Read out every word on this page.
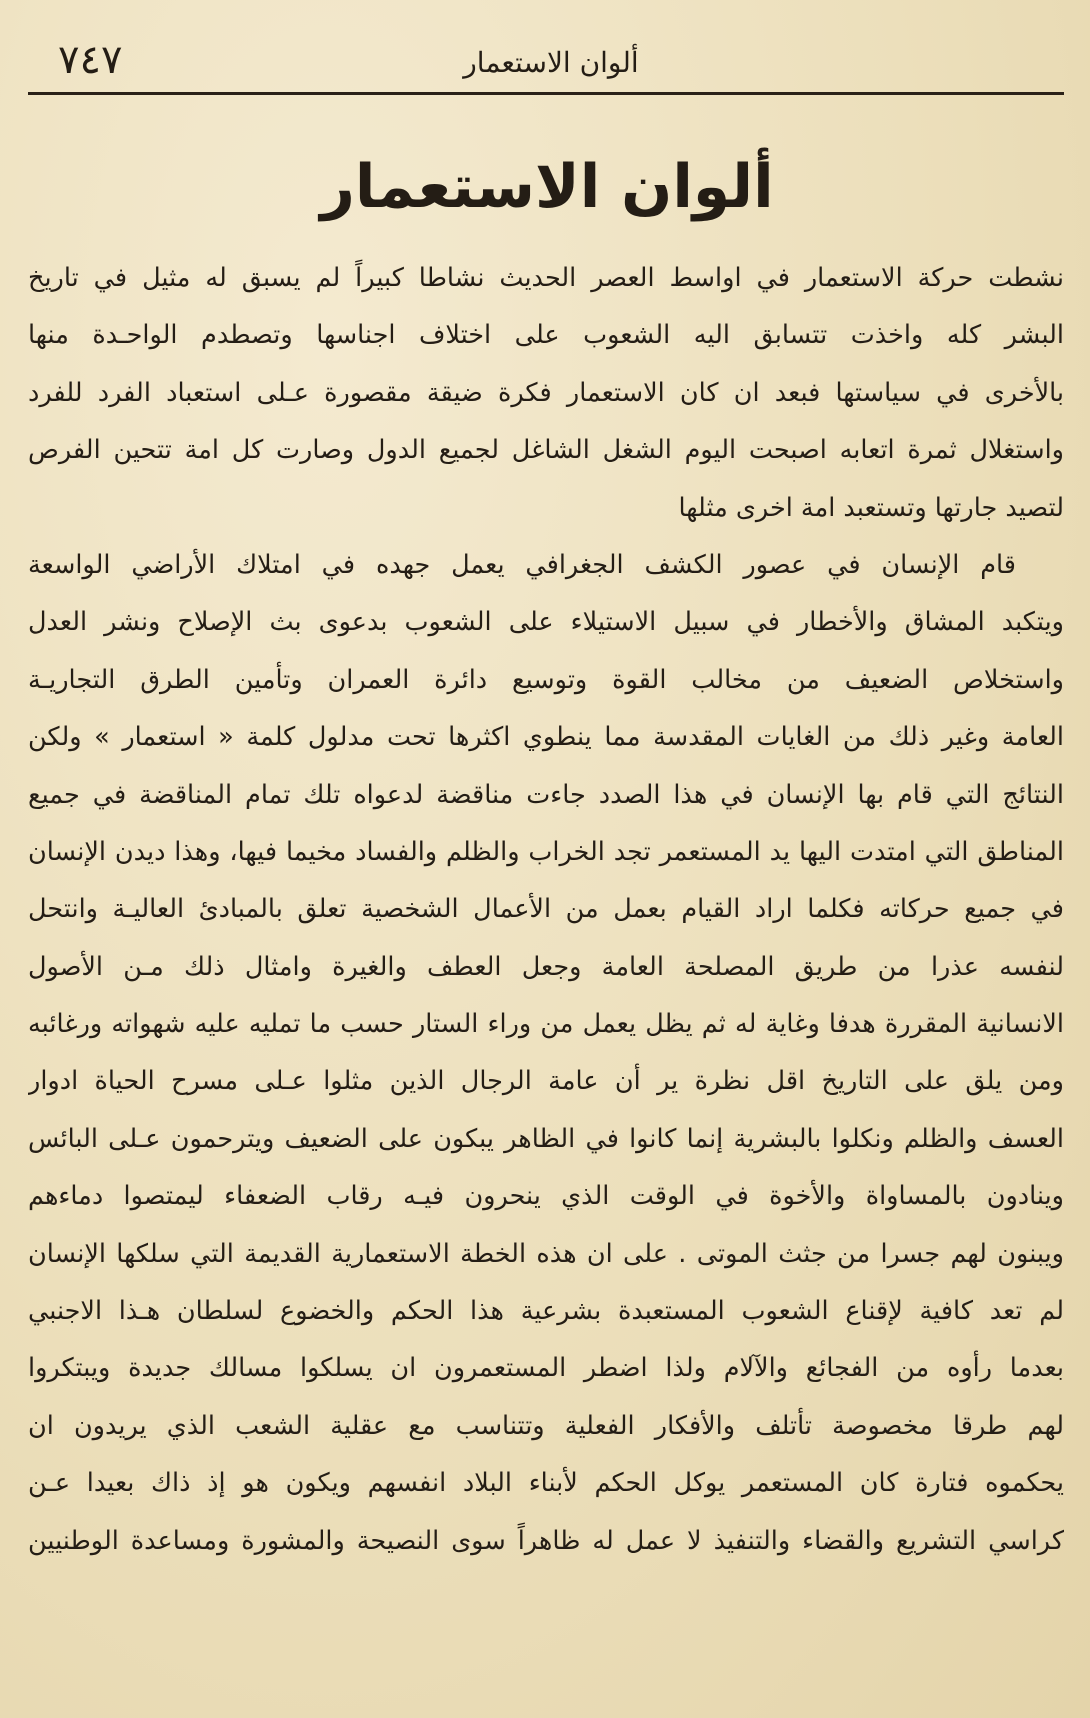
٧٤٧	ألوان الاستعمار
ألوان الاستعمار
نشطت حركة الاستعمار في اواسط العصر الحديث نشاطا كبيراً لم يسبق له مثيل في تاريخ
البشر كله واخذت تتسابق اليه الشعوب على اختلاف اجناسها وتصطدم الواحـدة منها
بالأخرى في سياستها فبعد ان كان الاستعمار فكرة ضيقة مقصورة عـلى استعباد الفرد للفرد
واستغلال ثمرة اتعابه اصبحت اليوم الشغل الشاغل لجميع الدول وصارت كل امة تتحين الفرص
لتصيد جارتها وتستعبد امة اخرى مثلها
قام الإنسان في عصور الكشف الجغرافي يعمل جهده في امتلاك الأراضي الواسعة
ويتكبد المشاق والأخطار في سبيل الاستيلاء على الشعوب بدعوى بث الإصلاح ونشر العدل
واستخلاص الضعيف من مخالب القوة وتوسيع دائرة العمران وتأمين الطرق التجاريـة
العامة وغير ذلك من الغايات المقدسة مما ينطوي اكثرها تحت مدلول كلمة « استعمار » ولكن
النتائج التي قام بها الإنسان في هذا الصدد جاءت مناقضة لدعواه تلك تمام المناقضة في جميع
المناطق التي امتدت اليها يد المستعمر تجد الخراب والظلم والفساد مخيما فيها، وهذا ديدن الإنسان
في جميع حركاته فكلما اراد القيام بعمل من الأعمال الشخصية تعلق بالمبادئ العاليـة وانتحل
لنفسه عذرا من طريق المصلحة العامة وجعل العطف والغيرة وامثال ذلك مـن الأصول
الانسانية المقررة هدفا وغاية له ثم يظل يعمل من وراء الستار حسب ما تمليه عليه شهواته ورغائبه
ومن يلق على التاريخ اقل نظرة ير أن عامة الرجال الذين مثلوا عـلى مسرح الحياة ادوار
العسف والظلم ونكلوا بالبشرية إنما كانوا في الظاهر يبكون على الضعيف ويترحمون عـلى البائس
وينادون بالمساواة والأخوة في الوقت الذي ينحرون فيـه رقاب الضعفاء ليمتصوا دماءهم
ويبنون لهم جسرا من جثث الموتى . على ان هذه الخطة الاستعمارية القديمة التي سلكها الإنسان
لم تعد كافية لإقناع الشعوب المستعبدة بشرعية هذا الحكم والخضوع لسلطان هـذا الاجنبي
بعدما رأوه من الفجائع والآلام ولذا اضطر المستعمرون ان يسلكوا مسالك جديدة ويبتكروا
لهم طرقا مخصوصة تأتلف والأفكار الفعلية وتتناسب مع عقلية الشعب الذي يريدون ان
يحكموه فتارة كان المستعمر يوكل الحكم لأبناء البلاد انفسهم ويكون هو إذ ذاك بعيدا عـن
كراسي التشريع والقضاء والتنفيذ لا عمل له ظاهراً سوى النصيحة والمشورة ومساعدة الوطنيين
